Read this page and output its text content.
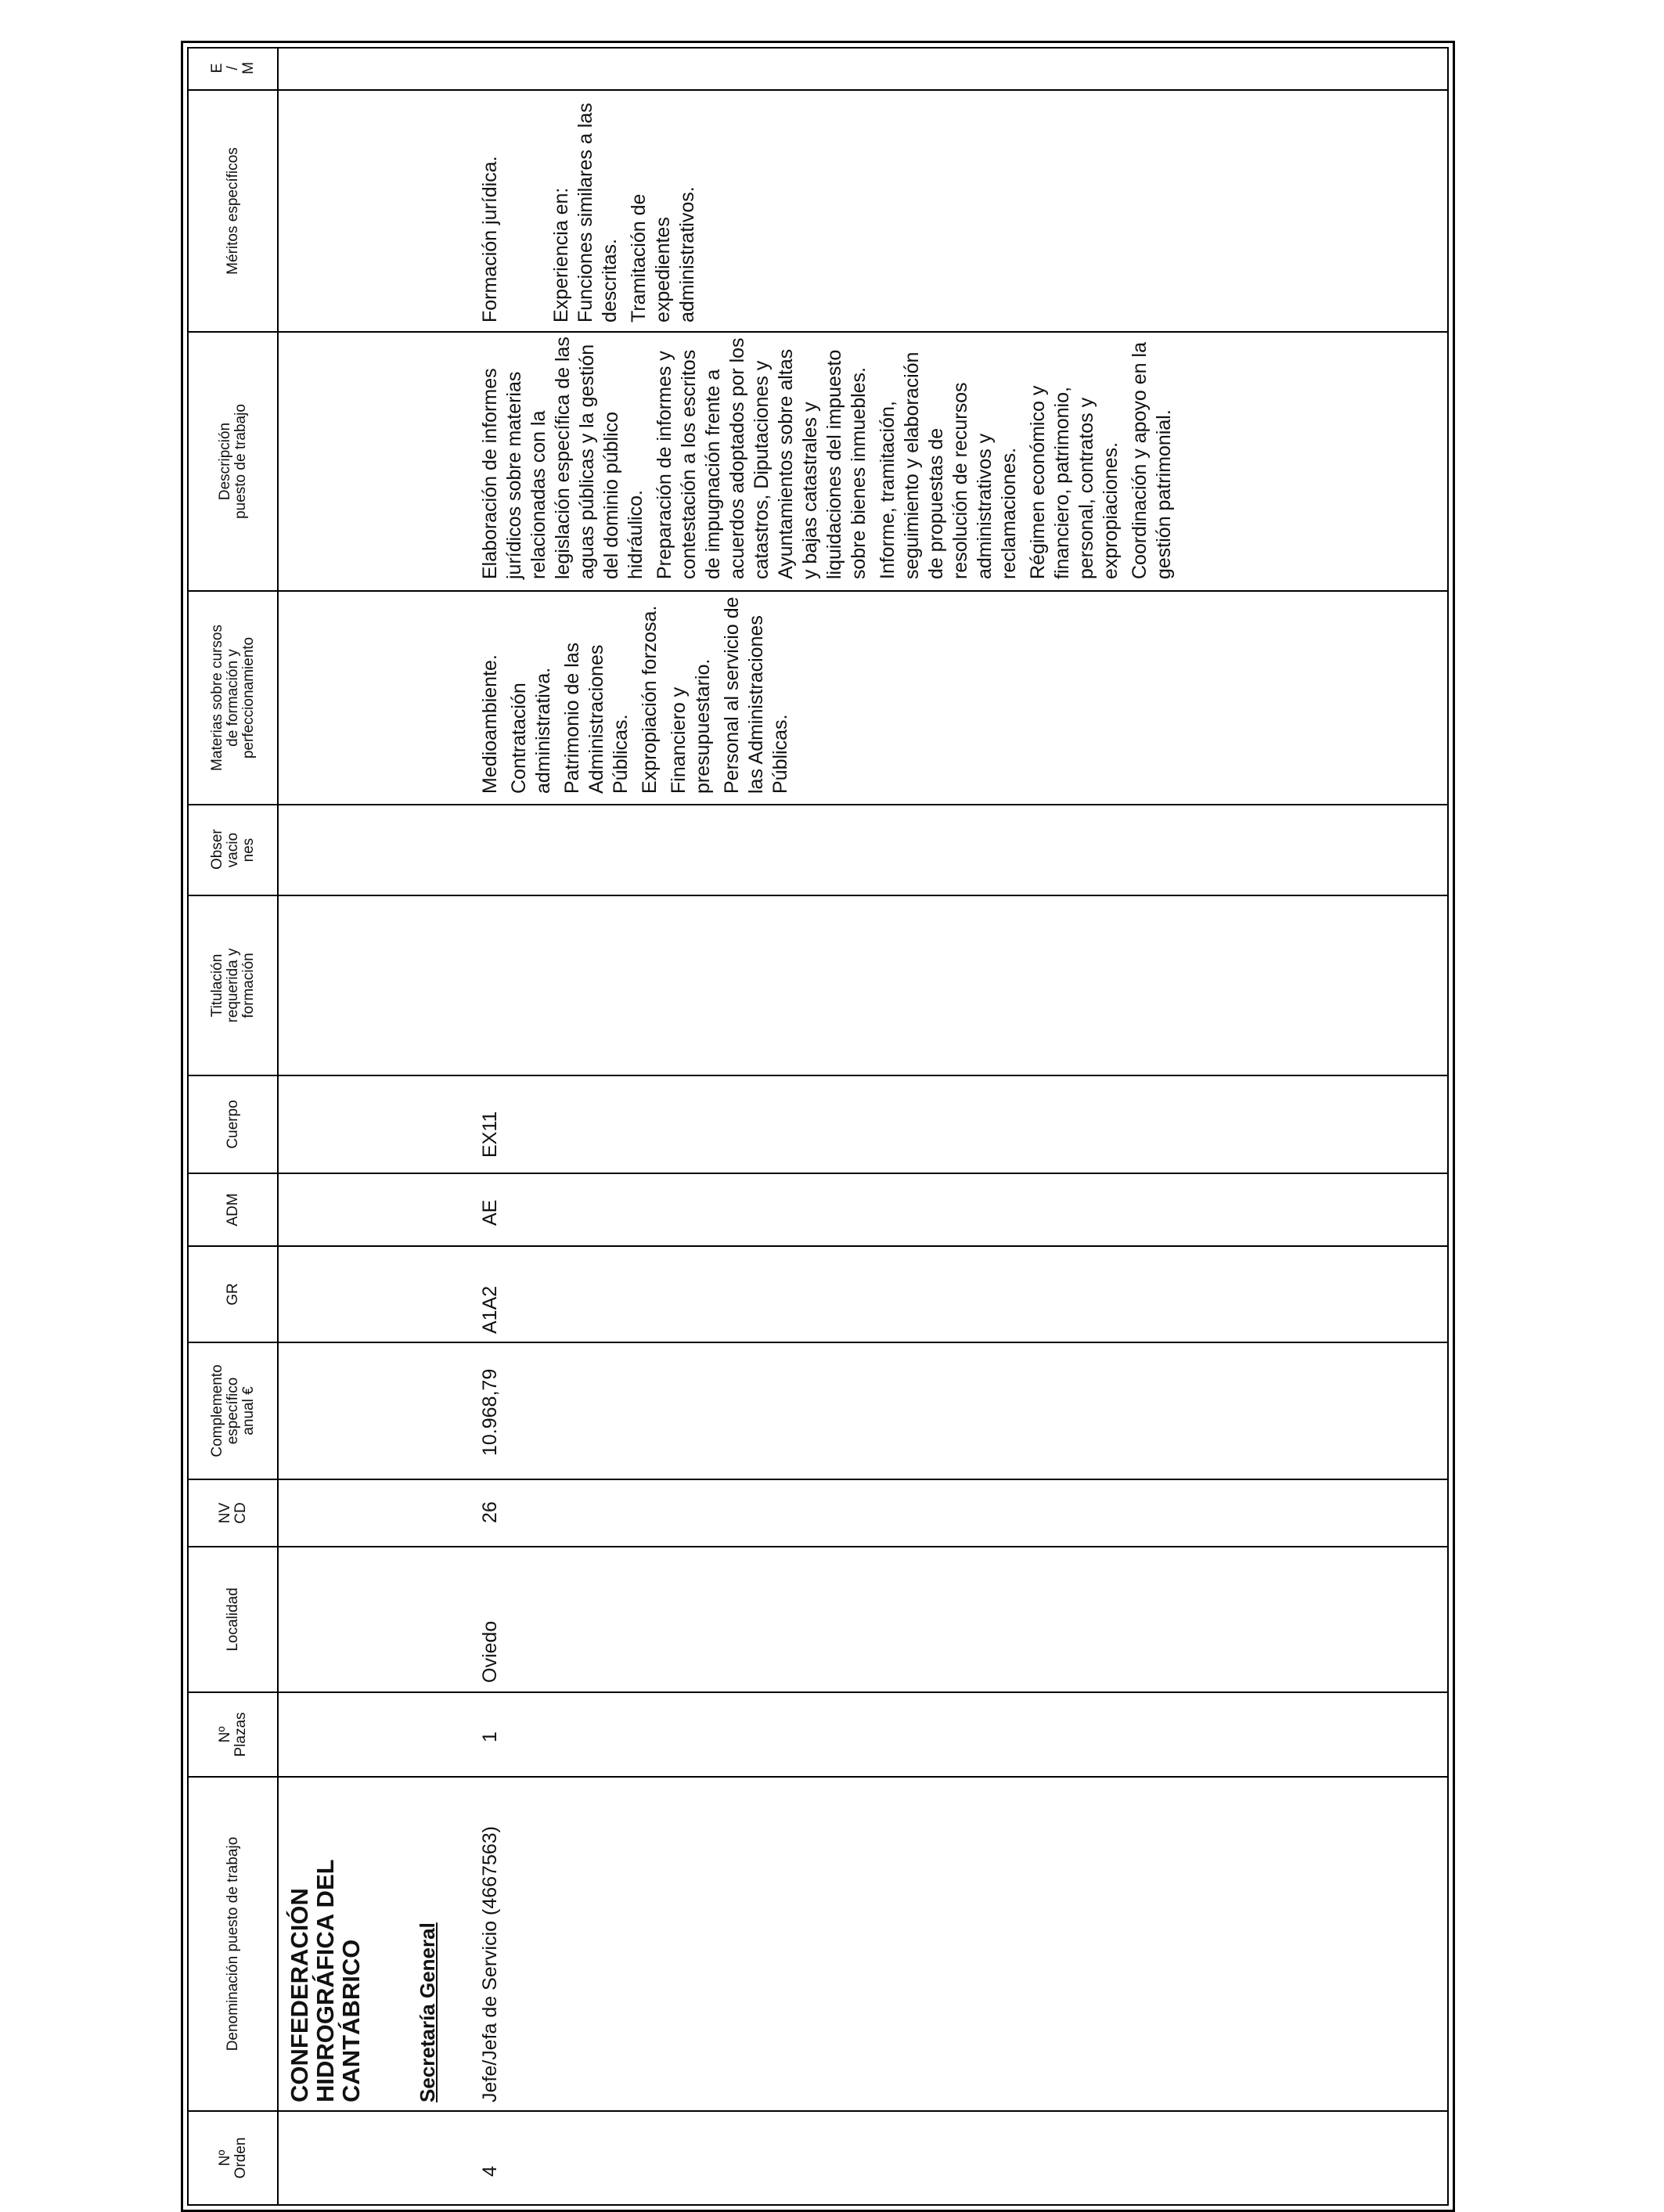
Nº Orden
Denominación puesto de trabajo
Nº Plazas
Localidad
NV CD
Complemento específico anual €
GR
ADM
Cuerpo
Titulación requerida y formación
Obser vacio nes
Materias sobre cursos de formación y perfeccionamiento
Descripción puesto de trabajo
Méritos específicos
E / M
CONFEDERACIÓN HIDROGRÁFICA DEL CANTÁBRICO	Secretaría General
4
Jefe/Jefa de Servicio (4667563)
1
Oviedo
26
10.968,79
A1A2
AE
EX11

Medioambiente. Contratación administrativa. Patrimonio de las Administraciones Públicas. Expropiación forzosa. Financiero y presupuestario. Personal al servicio de las Administraciones Públicas.

Elaboración de informes jurídicos sobre materias relacionadas con la legislación específica de las aguas públicas y la gestión del dominio público hidráulico. Preparación de informes y contestación a los escritos de impugnación frente a acuerdos adoptados por los catastros, Diputaciones y Ayuntamientos sobre altas y bajas catastrales y liquidaciones del impuesto sobre bienes inmuebles. Informe, tramitación, seguimiento y elaboración de propuestas de resolución de recursos administrativos y reclamaciones. Régimen económico y financiero, patrimonio, personal, contratos y expropiaciones. Coordinación y apoyo en la gestión patrimonial.

Formación jurídica.	Experiencia en: Funciones similares a las descritas. Tramitación de expedientes administrativos.
